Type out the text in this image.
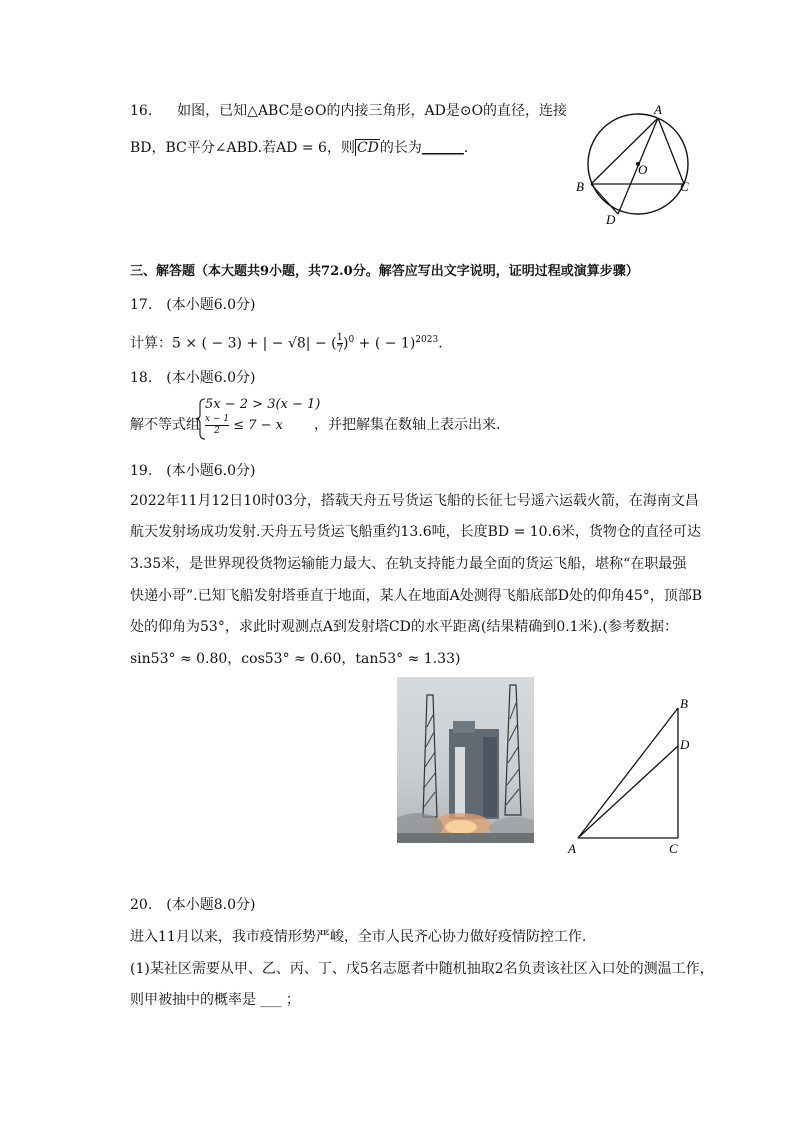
16. 如图，已知△ABC是⊙O的内接三角形，AD是⊙O的直径，连接
BD，BC平分∠ABD.若AD = 6，则 CD的长为______.
A
O
B	C
D
三、解答题（本大题共9小题，共72.0分。解答应写出文字说明，证明过程或演算步骤）
17.　(本小题6.0分)
计算：5 × ( − 3) + | − √8| − ( $\frac{1}{7} )^0$ + ( − 1)$^{2023}$.
18.　(本小题6.0分)
解不等式组
5x − 2 > 3(x − 1)
$\frac{x - 1}{2} \le 7 - x$ ，并把解集在数轴上表示出来.
19.　(本小题6.0分)
2022年11月12日10时03分，搭载天舟五号货运飞船的长征七号遥六运载火箭，在海南文昌
航天发射场成功发射.天舟五号货运飞船重约13.6吨，长度BD = 10.6米，货物仓的直径可达
3.35米，是世界现役货物运输能力最大、在轨支持能力最全面的货运飞船，堪称“在职最强
快递小哥”.已知飞船发射塔垂直于地面，某人在地面A处测得飞船底部D处的仰角45°，顶部B
处的仰角为53°，求此时观测点A到发射塔CD的水平距离(结果精确到0.1米).(参考数据：
sin53° ≈ 0.80，cos53° ≈ 0.60，tan53° ≈ 1.33)
B
D
A	C
20.　(本小题8.0分)
进入11月以来，我市疫情形势严峻，全市人民齐心协力做好疫情防控工作.
(1)某社区需要从甲、乙、丙、丁、戊5名志愿者中随机抽取2名负责该社区入口处的测温工作，
则甲被抽中的概率是 ___ ；
